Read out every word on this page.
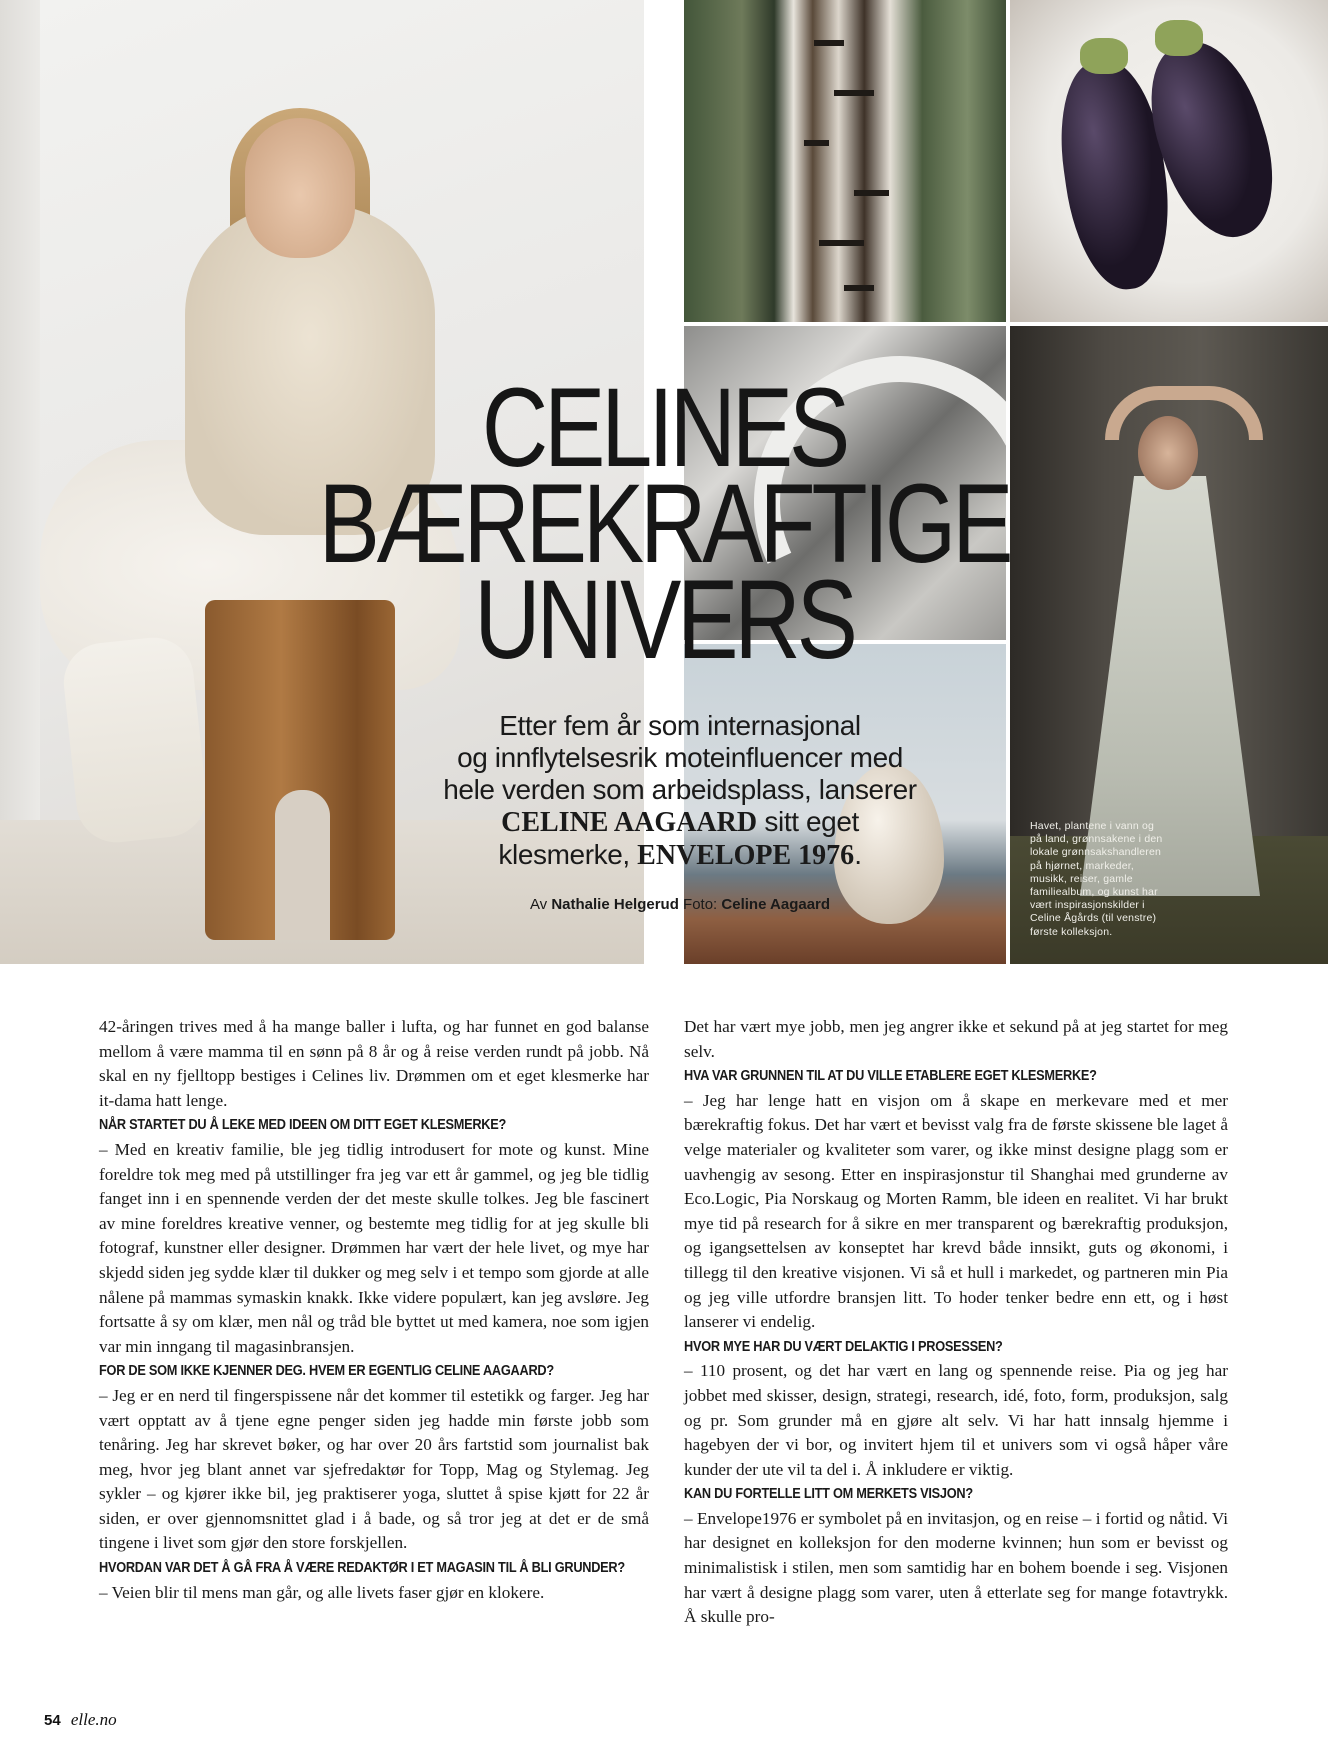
Havet, plantene i vann og på land, grønnsakene i den lokale grønnsakshandleren på hjørnet, markeder, musikk, reiser, gamle familiealbum, og kunst har vært inspirasjonskilder i Celine Ågårds (til venstre) første kolleksjon.
CELINES
BÆREKRAFTIGE
UNIVERS
Etter fem år som internasjonal
og innflytelsesrik moteinfluencer med
hele verden som arbeidsplass, lanserer
CELINE AAGAARD sitt eget
klesmerke, ENVELOPE 1976.
Av Nathalie Helgerud Foto: Celine Aagaard

42-åringen trives med å ha mange baller i lufta, og har funnet en god balanse mellom å være mamma til en sønn på 8 år og å reise verden rundt på jobb. Nå skal en ny fjelltopp bestiges i Celines liv. Drømmen om et eget klesmerke har it-dama hatt lenge.

NÅR STARTET DU Å LEKE MED IDEEN OM DITT EGET KLESMERKE?

– Med en kreativ familie, ble jeg tidlig introdusert for mote og kunst. Mine foreldre tok meg med på utstillinger fra jeg var ett år gammel, og jeg ble tidlig fanget inn i en spennende verden der det meste skulle tolkes. Jeg ble fascinert av mine foreldres kreative venner, og bestemte meg tidlig for at jeg skulle bli fotograf, kunstner eller designer. Drømmen har vært der hele livet, og mye har skjedd siden jeg sydde klær til dukker og meg selv i et tempo som gjorde at alle nålene på mammas symaskin knakk. Ikke videre populært, kan jeg avsløre. Jeg fortsatte å sy om klær, men nål og tråd ble byttet ut med kamera, noe som igjen var min inngang til magasinbransjen.

FOR DE SOM IKKE KJENNER DEG. HVEM ER EGENTLIG CELINE AAGAARD?

– Jeg er en nerd til fingerspissene når det kommer til estetikk og farger. Jeg har vært opptatt av å tjene egne penger siden jeg hadde min første jobb som tenåring. Jeg har skrevet bøker, og har over 20 års fartstid som journalist bak meg, hvor jeg blant annet var sjefredaktør for Topp, Mag og Stylemag. Jeg sykler – og kjører ikke bil, jeg praktiserer yoga, sluttet å spise kjøtt for 22 år siden, er over gjennomsnittet glad i å bade, og så tror jeg at det er de små tingene i livet som gjør den store forskjellen.

HVORDAN VAR DET Å GÅ FRA Å VÆRE REDAKTØR I ET MAGASIN TIL Å BLI GRUNDER?

– Veien blir til mens man går, og alle livets faser gjør en klokere.

Det har vært mye jobb, men jeg angrer ikke et sekund på at jeg startet for meg selv.

HVA VAR GRUNNEN TIL AT DU VILLE ETABLERE EGET KLESMERKE?

– Jeg har lenge hatt en visjon om å skape en merkevare med et mer bærekraftig fokus. Det har vært et bevisst valg fra de første skissene ble laget å velge materialer og kvaliteter som varer, og ikke minst designe plagg som er uavhengig av sesong. Etter en inspirasjonstur til Shanghai med grunderne av Eco.Logic, Pia Norskaug og Morten Ramm, ble ideen en realitet. Vi har brukt mye tid på research for å sikre en mer transparent og bærekraftig produksjon, og igangsettelsen av konseptet har krevd både innsikt, guts og økonomi, i tillegg til den kreative visjonen. Vi så et hull i markedet, og partneren min Pia og jeg ville utfordre bransjen litt. To hoder tenker bedre enn ett, og i høst lanserer vi endelig.

HVOR MYE HAR DU VÆRT DELAKTIG I PROSESSEN?

– 110 prosent, og det har vært en lang og spennende reise. Pia og jeg har jobbet med skisser, design, strategi, research, idé, foto, form, produksjon, salg og pr. Som grunder må en gjøre alt selv. Vi har hatt innsalg hjemme i hagebyen der vi bor, og invitert hjem til et univers som vi også håper våre kunder der ute vil ta del i. Å inkludere er viktig.

KAN DU FORTELLE LITT OM MERKETS VISJON?

– Envelope1976 er symbolet på en invitasjon, og en reise – i fortid og nåtid. Vi har designet en kolleksjon for den moderne kvinnen; hun som er bevisst og minimalistisk i stilen, men som samtidig har en bohem boende i seg. Visjonen har vært å designe plagg som varer, uten å etterlate seg for mange fotavtrykk. Å skulle pro-

54 elle.no
